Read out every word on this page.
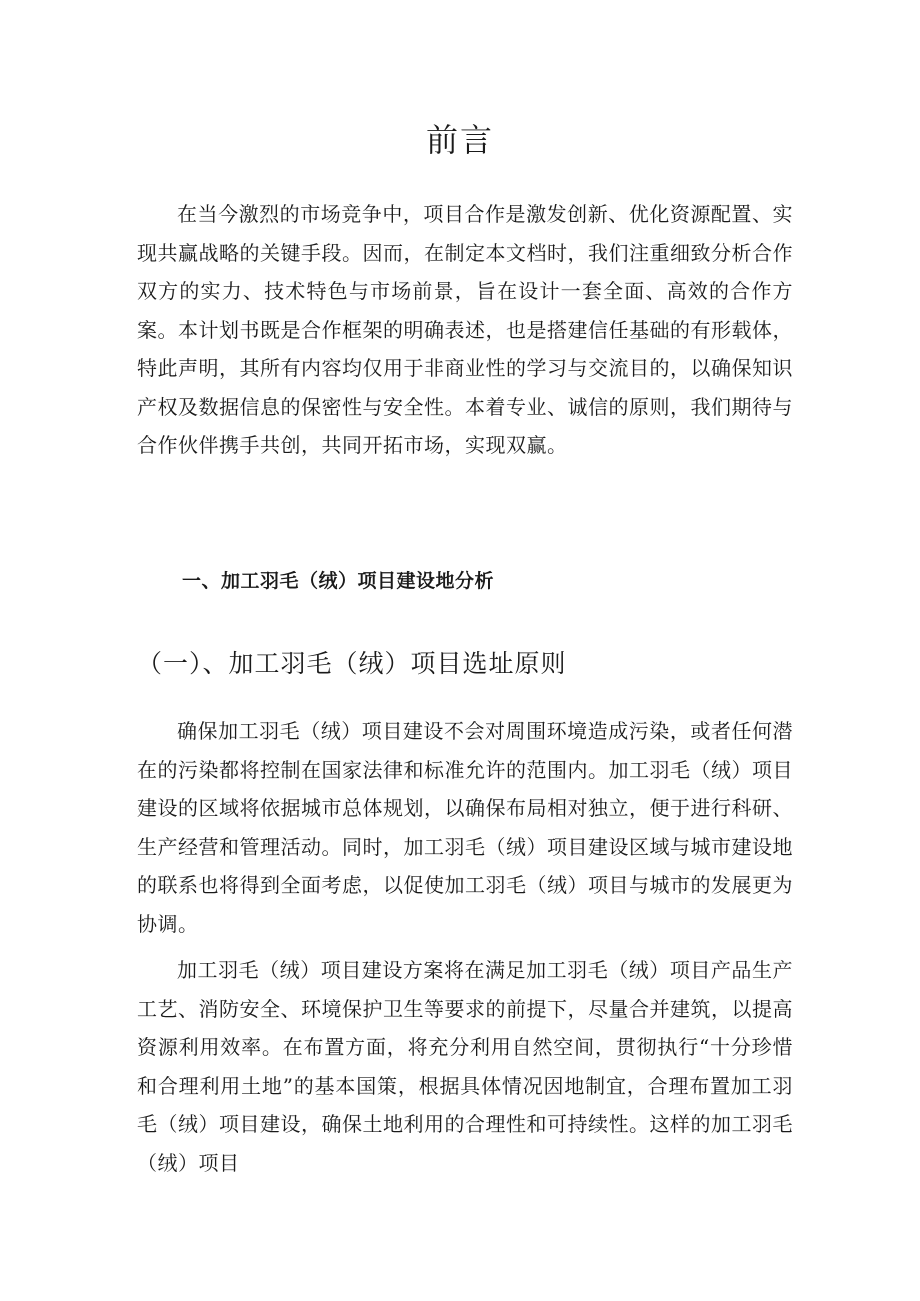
前言

在当今激烈的市场竞争中，项目合作是激发创新、优化资源配置、实现共赢战略的关键手段。因而，在制定本文档时，我们注重细致分析合作双方的实力、技术特色与市场前景，旨在设计一套全面、高效的合作方案。本计划书既是合作框架的明确表述，也是搭建信任基础的有形载体，特此声明，其所有内容均仅用于非商业性的学习与交流目的，以确保知识产权及数据信息的保密性与安全性。本着专业、诚信的原则，我们期待与合作伙伴携手共创，共同开拓市场，实现双赢。

一、加工羽毛（绒）项目建设地分析
（一）、加工羽毛（绒）项目选址原则

确保加工羽毛（绒）项目建设不会对周围环境造成污染，或者任何潜在的污染都将控制在国家法律和标准允许的范围内。加工羽毛（绒）项目建设的区域将依据城市总体规划，以确保布局相对独立，便于进行科研、生产经营和管理活动。同时，加工羽毛（绒）项目建设区域与城市建设地的联系也将得到全面考虑，以促使加工羽毛（绒）项目与城市的发展更为协调。

加工羽毛（绒）项目建设方案将在满足加工羽毛（绒）项目产品生产工艺、消防安全、环境保护卫生等要求的前提下，尽量合并建筑，以提高资源利用效率。在布置方面，将充分利用自然空间，贯彻执行“十分珍惜和合理利用土地”的基本国策，根据具体情况因地制宜，合理布置加工羽毛（绒）项目建设，确保土地利用的合理性和可持续性。这样的加工羽毛（绒）项目
